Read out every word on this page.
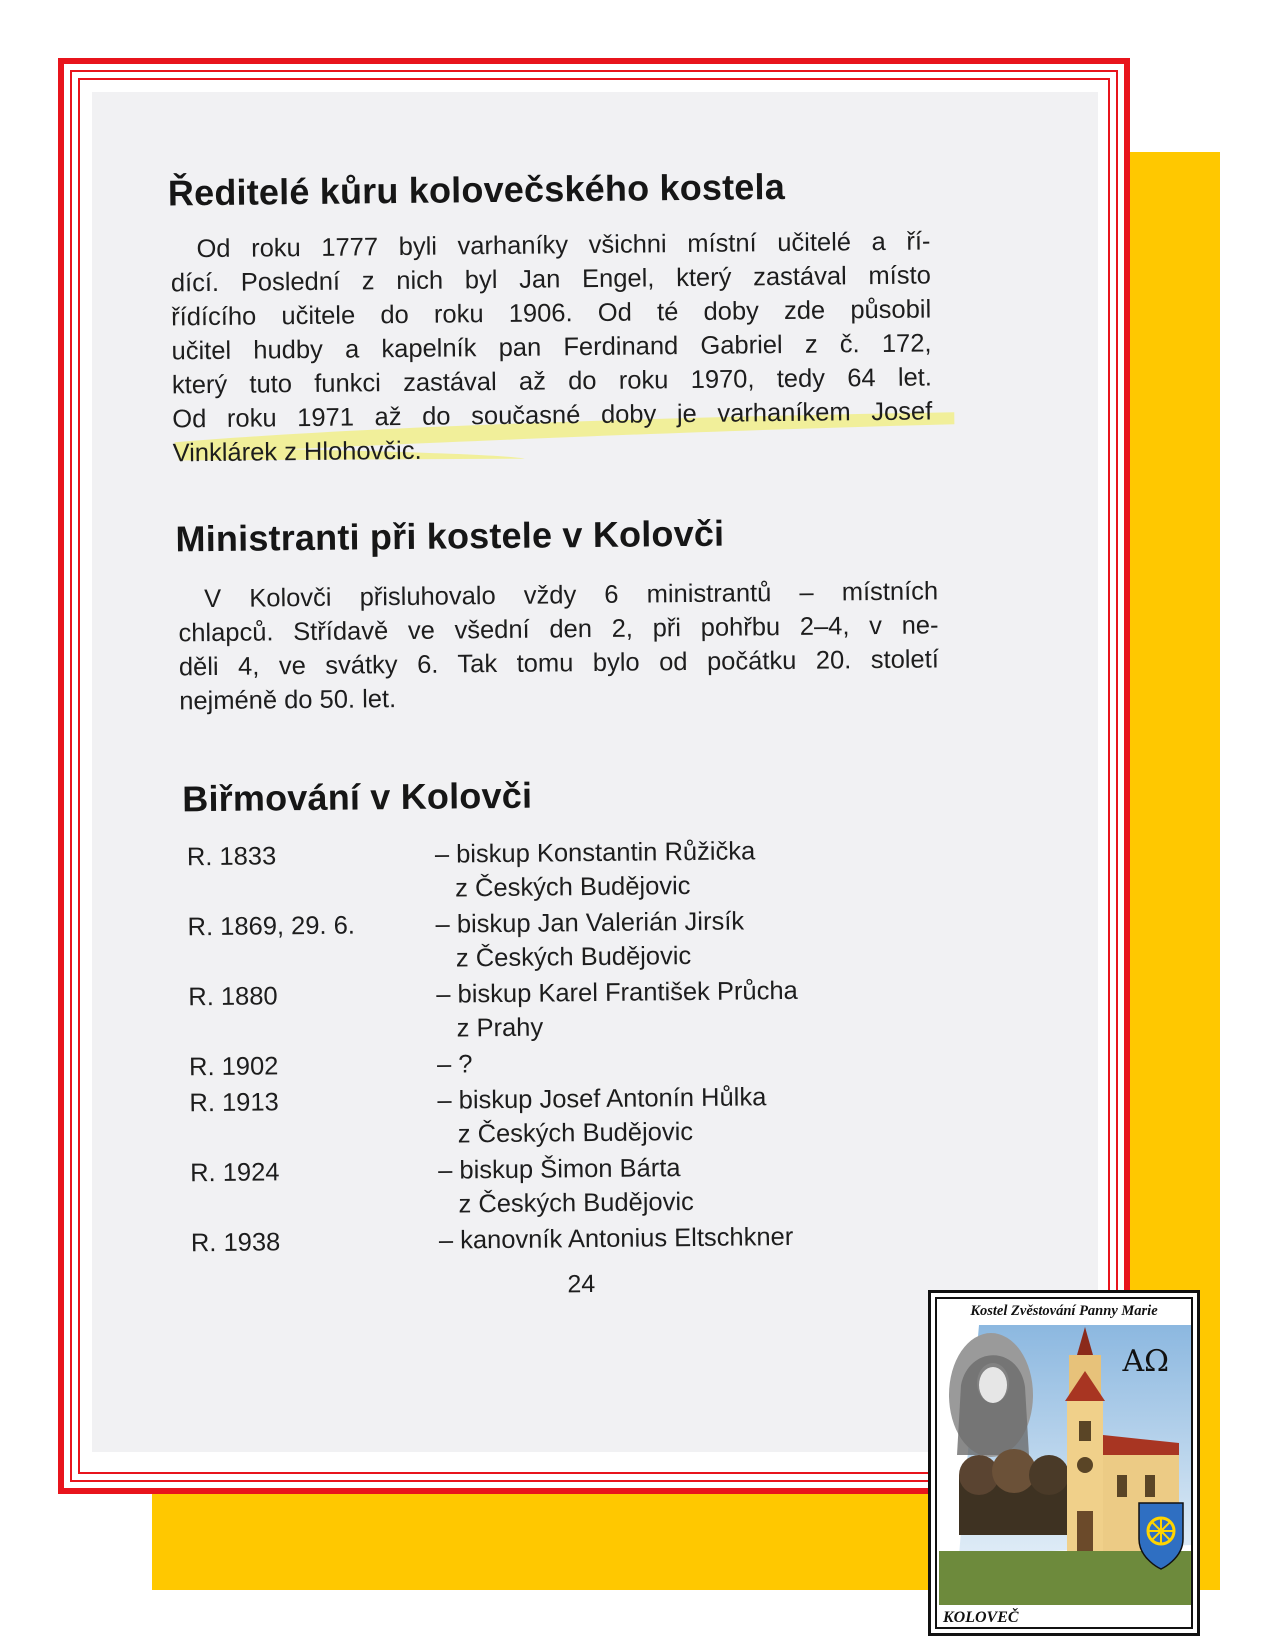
Ředitelé kůru kolovečského kostela
Od roku 1777 byli varhaníky všichni místní učitelé a ří-
dící. Poslední z nich byl Jan Engel, který zastával místo
řídícího učitele do roku 1906. Od té doby zde působil
učitel hudby a kapelník pan Ferdinand Gabriel z č. 172,
který tuto funkci zastával až do roku 1970, tedy 64 let.
Od roku 1971 až do současné doby je varhaníkem Josef
Vinklárek z Hlohovčic.
Ministranti při kostele v Kolovči
V Kolovči přisluhovalo vždy 6 ministrantů – místních
chlapců. Střídavě ve všední den 2, při pohřbu 2–4, v ne-
děli 4, ve svátky 6. Tak tomu bylo od počátku 20. století
nejméně do 50. let.
Biřmování v Kolovči
R. 1833	– biskup Konstantin Růžička
z Českých Budějovic
R. 1869, 29. 6.	– biskup Jan Valerián Jirsík
z Českých Budějovic
R. 1880	– biskup Karel František Průcha
z Prahy
R. 1902	– ?
R. 1913	– biskup Josef Antonín Hůlka
z Českých Budějovic
R. 1924	– biskup Šimon Bárta
z Českých Budějovic
R. 1938	– kanovník Antonius Eltschkner
24
Kostel Zvěstování Panny Marie
AΩ
KOLOVEČ
